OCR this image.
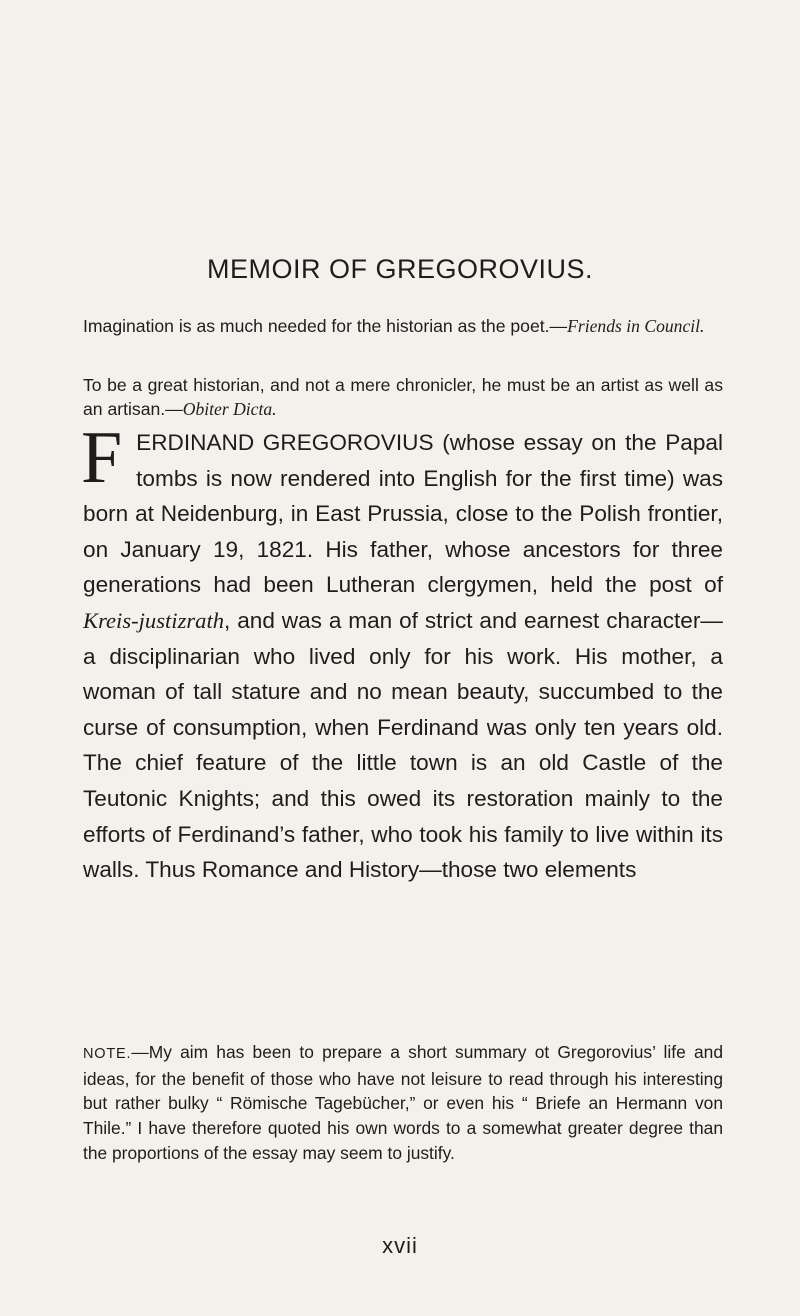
MEMOIR OF GREGOROVIUS.

Imagination is as much needed for the historian as the poet.—Friends in Council.

To be a great historian, and not a mere chronicler, he must be an artist as well as an artisan.—Obiter Dicta.

FERDINAND GREGOROVIUS (whose essay on the Papal tombs is now rendered into English for the first time) was born at Neidenburg, in East Prussia, close to the Polish frontier, on January 19, 1821. His father, whose ancestors for three generations had been Lutheran clergymen, held the post of Kreis-justizrath, and was a man of strict and earnest character—a disciplinarian who lived only for his work. His mother, a woman of tall stature and no mean beauty, succumbed to the curse of consumption, when Ferdinand was only ten years old. The chief feature of the little town is an old Castle of the Teutonic Knights; and this owed its restoration mainly to the efforts of Ferdinand’s father, who took his family to live within its walls. Thus Romance and History—those two elements

NOTE.—My aim has been to prepare a short summary ot Gregorovius’ life and ideas, for the benefit of those who have not leisure to read through his interesting but rather bulky “ Römische Tagebücher,” or even his “ Briefe an Hermann von Thile.” I have therefore quoted his own words to a somewhat greater degree than the proportions of the essay may seem to justify.

xvii
